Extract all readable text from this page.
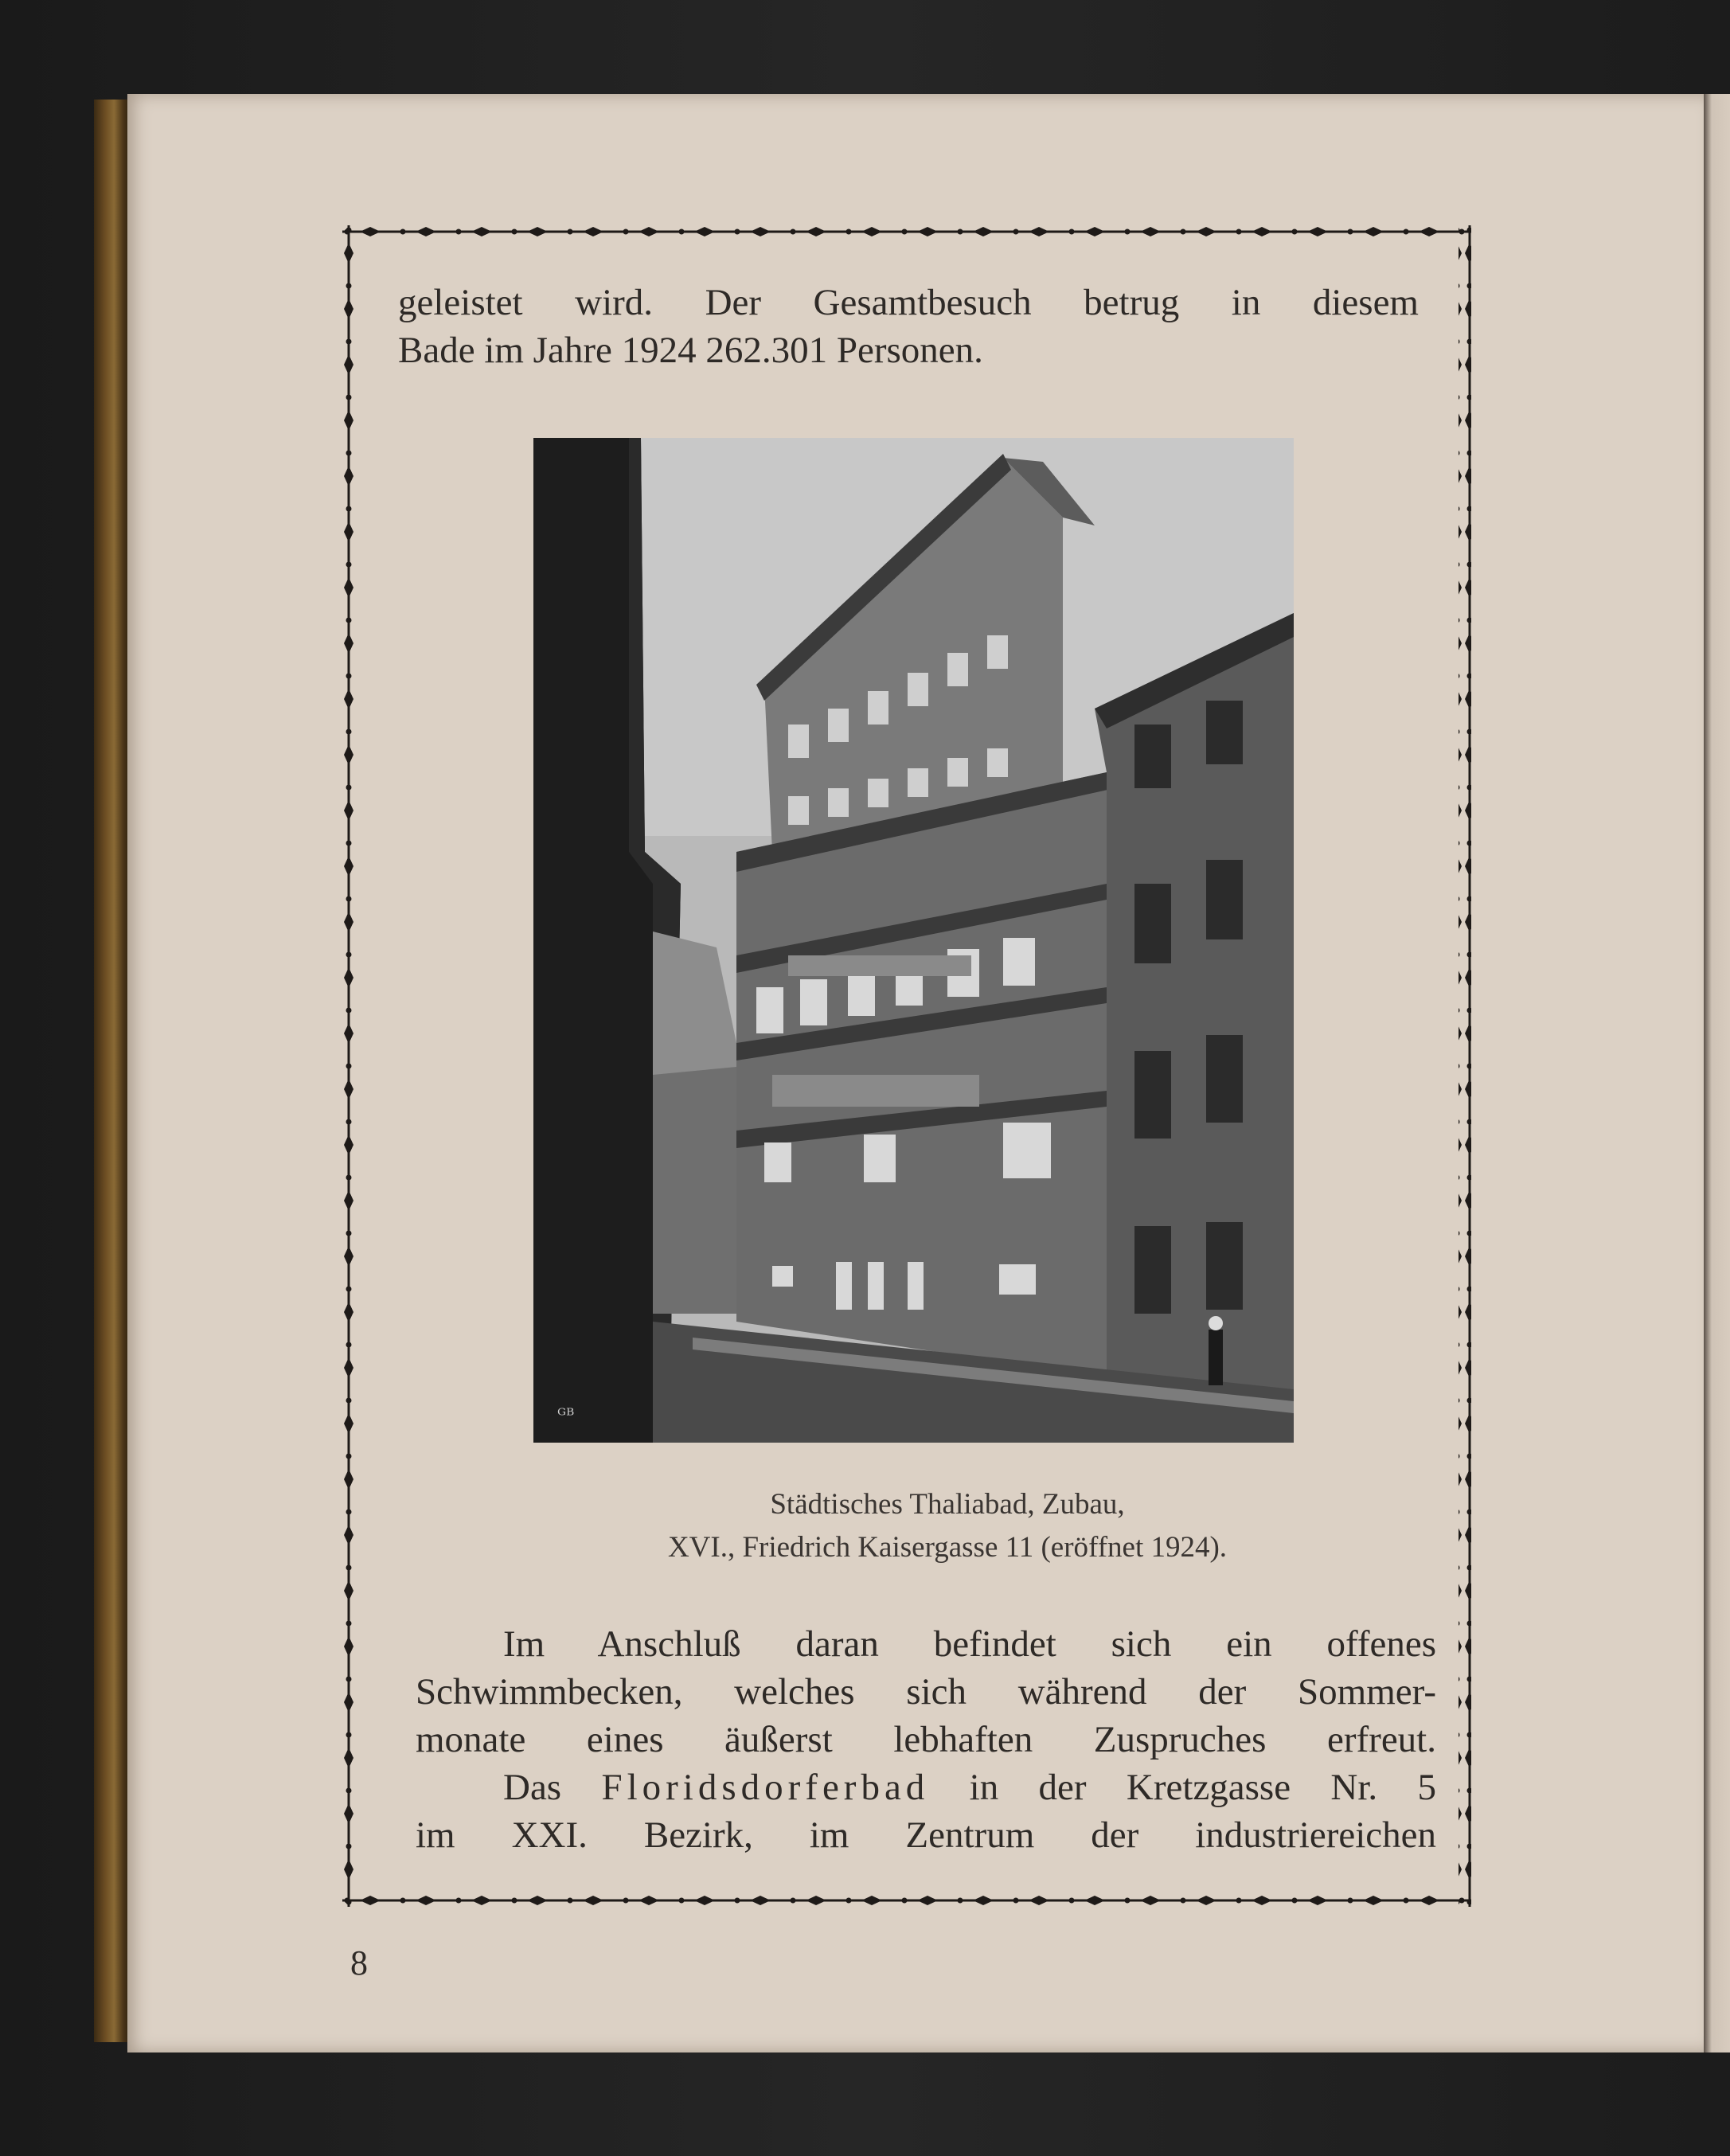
geleistet wird. Der Gesamtbesuch betrug in diesem
Bade im Jahre 1924 262.301 Personen.
ᴳᴮ
Städtisches Thaliabad, Zubau,
XVI., Friedrich Kaisergasse 11 (eröffnet 1924).
Im Anschluß daran befindet sich ein offenes
Schwimmbecken, welches sich während der Sommer-
monate eines äußerst lebhaften Zuspruches erfreut.
Das Floridsdorferbad in der Kretzgasse Nr. 5
im XXI. Bezirk, im Zentrum der industriereichen
8
